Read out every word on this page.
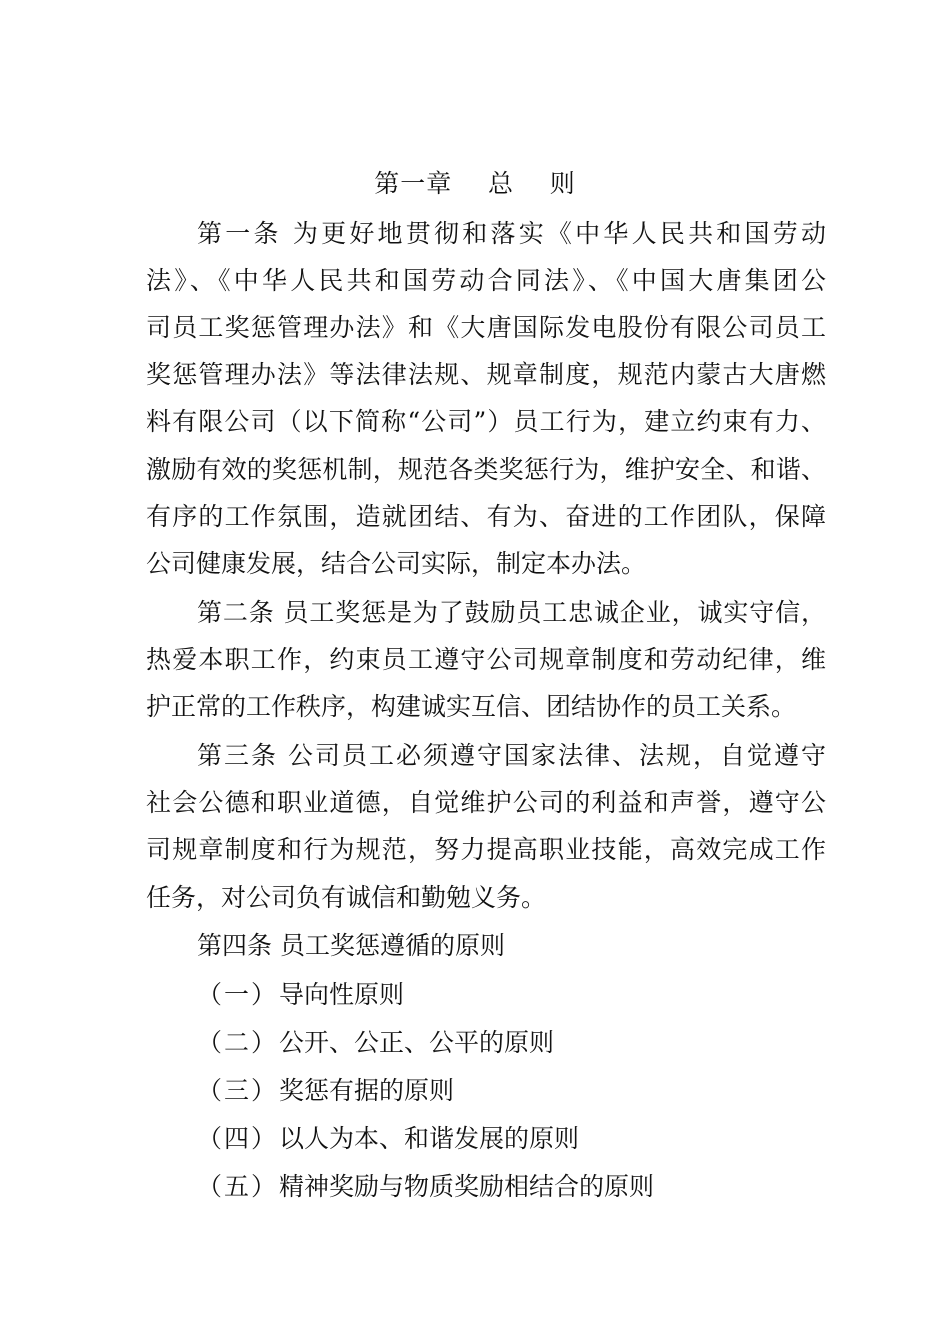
第一章    总    则
第一条 为更好地贯彻和落实《中华人民共和国劳动
法》、《中华人民共和国劳动合同法》、《中国大唐集团公
司员工奖惩管理办法》和《大唐国际发电股份有限公司员工
奖惩管理办法》等法律法规、规章制度，规范内蒙古大唐燃
料有限公司（以下简称“公司”）员工行为，建立约束有力、
激励有效的奖惩机制，规范各类奖惩行为，维护安全、和谐、
有序的工作氛围，造就团结、有为、奋进的工作团队，保障
公司健康发展，结合公司实际，制定本办法。
第二条 员工奖惩是为了鼓励员工忠诚企业，诚实守信，
热爱本职工作，约束员工遵守公司规章制度和劳动纪律，维
护正常的工作秩序，构建诚实互信、团结协作的员工关系。
第三条 公司员工必须遵守国家法律、法规，自觉遵守
社会公德和职业道德，自觉维护公司的利益和声誉，遵守公
司规章制度和行为规范，努力提高职业技能，高效完成工作
任务，对公司负有诚信和勤勉义务。
第四条 员工奖惩遵循的原则
（一）导向性原则
（二）公开、公正、公平的原则
（三）奖惩有据的原则
（四）以人为本、和谐发展的原则
（五）精神奖励与物质奖励相结合的原则
